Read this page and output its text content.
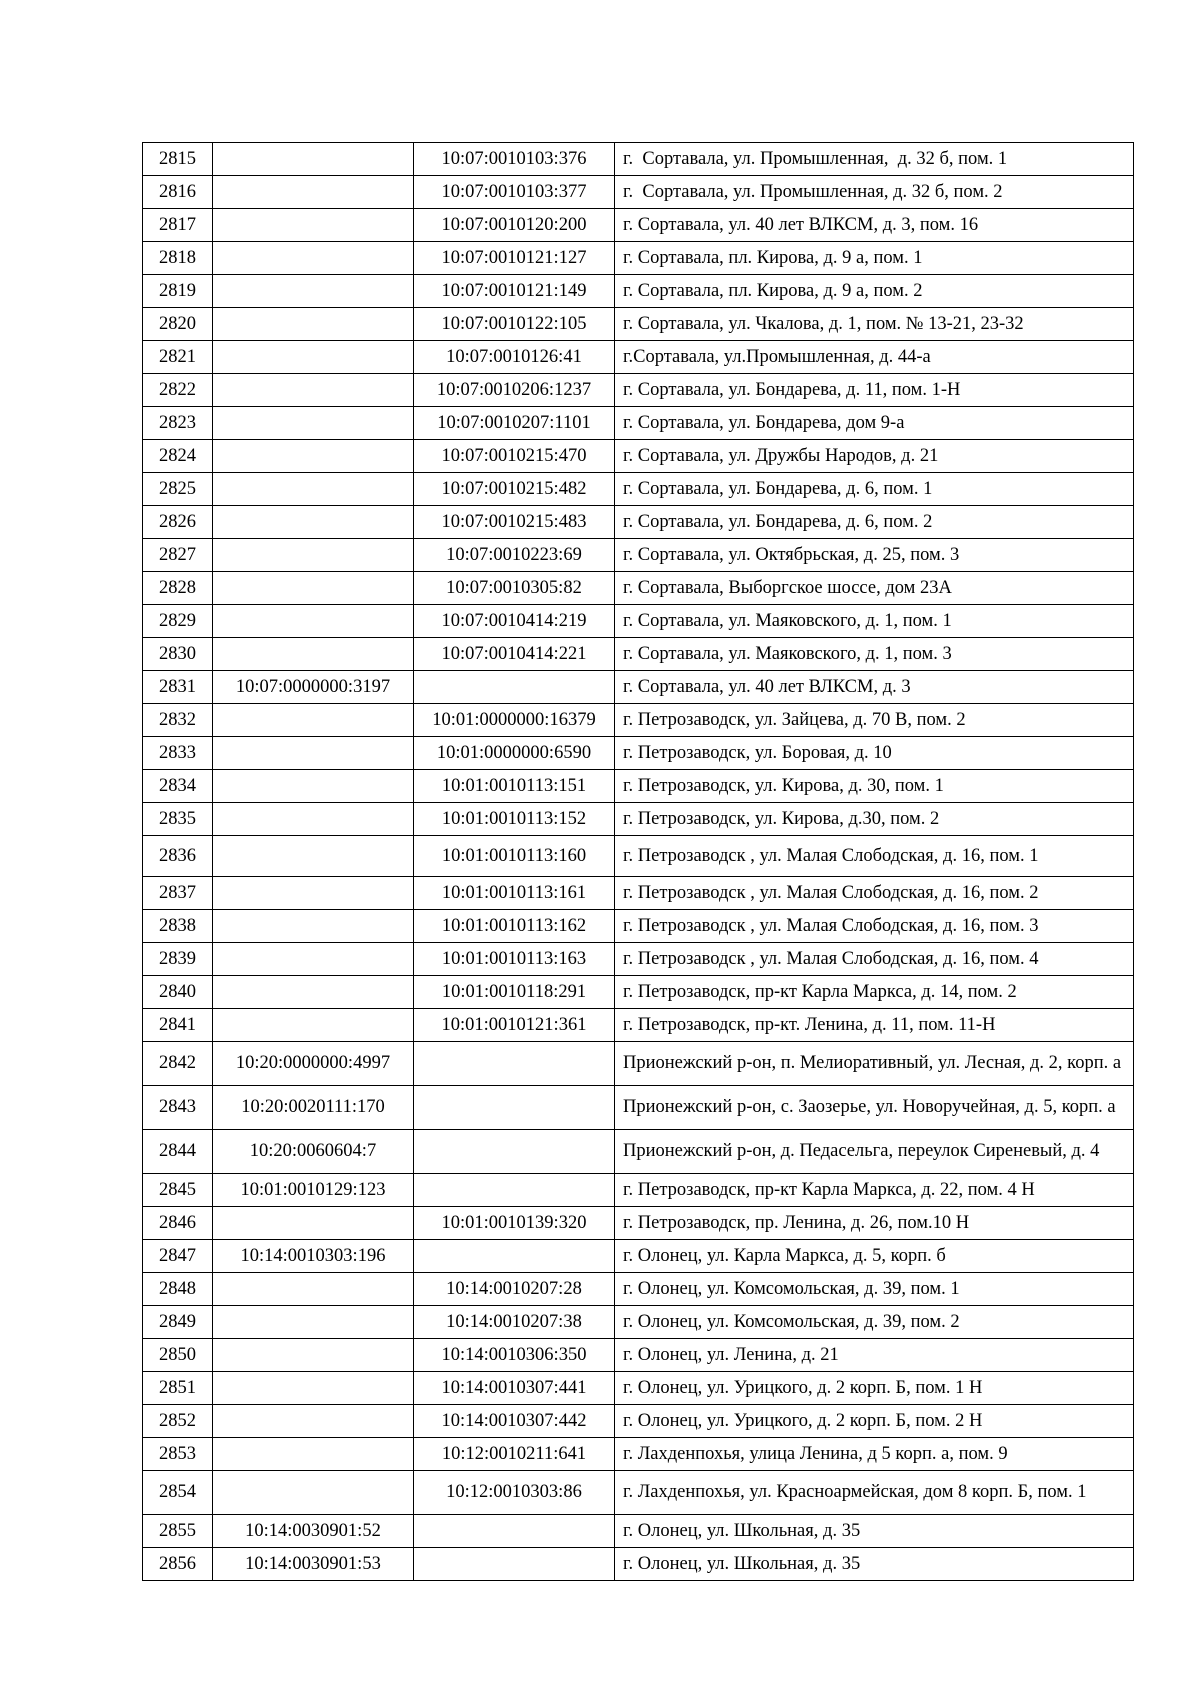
2815		10:07:0010103:376	г.  Сортавала, ул. Промышленная,  д. 32 б, пом. 1
2816		10:07:0010103:377	г.  Сортавала, ул. Промышленная, д. 32 б, пом. 2
2817		10:07:0010120:200	г. Сортавала, ул. 40 лет ВЛКСМ, д. 3, пом. 16
2818		10:07:0010121:127	г. Сортавала, пл. Кирова, д. 9 а, пом. 1
2819		10:07:0010121:149	г. Сортавала, пл. Кирова, д. 9 а, пом. 2
2820		10:07:0010122:105	г. Сортавала, ул. Чкалова, д. 1, пом. № 13-21, 23-32
2821		10:07:0010126:41	г.Сортавала, ул.Промышленная, д. 44-а
2822		10:07:0010206:1237	г. Сортавала, ул. Бондарева, д. 11, пом. 1-Н
2823		10:07:0010207:1101	г. Сортавала, ул. Бондарева, дом 9-а
2824		10:07:0010215:470	г. Сортавала, ул. Дружбы Народов, д. 21
2825		10:07:0010215:482	г. Сортавала, ул. Бондарева, д. 6, пом. 1
2826		10:07:0010215:483	г. Сортавала, ул. Бондарева, д. 6, пом. 2
2827		10:07:0010223:69	г. Сортавала, ул. Октябрьская, д. 25, пом. 3
2828		10:07:0010305:82	г. Сортавала, Выборгское шоссе, дом 23А
2829		10:07:0010414:219	г. Сортавала, ул. Маяковского, д. 1, пом. 1
2830		10:07:0010414:221	г. Сортавала, ул. Маяковского, д. 1, пом. 3
2831	10:07:0000000:3197		г. Сортавала, ул. 40 лет ВЛКСМ, д. 3
2832		10:01:0000000:16379	г. Петрозаводск, ул. Зайцева, д. 70 В, пом. 2
2833		10:01:0000000:6590	г. Петрозаводск, ул. Боровая, д. 10
2834		10:01:0010113:151	г. Петрозаводск, ул. Кирова, д. 30, пом. 1
2835		10:01:0010113:152	г. Петрозаводск, ул. Кирова, д.30, пом. 2
2836		10:01:0010113:160	г. Петрозаводск , ул. Малая Слободская, д. 16, пом. 1
2837		10:01:0010113:161	г. Петрозаводск , ул. Малая Слободская, д. 16, пом. 2
2838		10:01:0010113:162	г. Петрозаводск , ул. Малая Слободская, д. 16, пом. 3
2839		10:01:0010113:163	г. Петрозаводск , ул. Малая Слободская, д. 16, пом. 4
2840		10:01:0010118:291	г. Петрозаводск, пр-кт Карла Маркса, д. 14, пом. 2
2841		10:01:0010121:361	г. Петрозаводск, пр-кт. Ленина, д. 11, пом. 11-Н
2842	10:20:0000000:4997		Прионежский р-он, п. Мелиоративный, ул. Лесная, д. 2, корп. а
2843	10:20:0020111:170		Прионежский р-он, с. Заозерье, ул. Новоручейная, д. 5, корп. а
2844	10:20:0060604:7		Прионежский р-он, д. Педасельга, переулок Сиреневый, д. 4
2845	10:01:0010129:123		г. Петрозаводск, пр-кт Карла Маркса, д. 22, пом. 4 Н
2846		10:01:0010139:320	г. Петрозаводск, пр. Ленина, д. 26, пом.10 Н
2847	10:14:0010303:196		г. Олонец, ул. Карла Маркса, д. 5, корп. б
2848		10:14:0010207:28	г. Олонец, ул. Комсомольская, д. 39, пом. 1
2849		10:14:0010207:38	г. Олонец, ул. Комсомольская, д. 39, пом. 2
2850		10:14:0010306:350	г. Олонец, ул. Ленина, д. 21
2851		10:14:0010307:441	г. Олонец, ул. Урицкого, д. 2 корп. Б, пом. 1 Н
2852		10:14:0010307:442	г. Олонец, ул. Урицкого, д. 2 корп. Б, пом. 2 Н
2853		10:12:0010211:641	г. Лахденпохья, улица Ленина, д 5 корп. а, пом. 9
2854		10:12:0010303:86	г. Лахденпохья, ул. Красноармейская, дом 8 корп. Б, пом. 1
2855	10:14:0030901:52		г. Олонец, ул. Школьная, д. 35
2856	10:14:0030901:53		г. Олонец, ул. Школьная, д. 35
